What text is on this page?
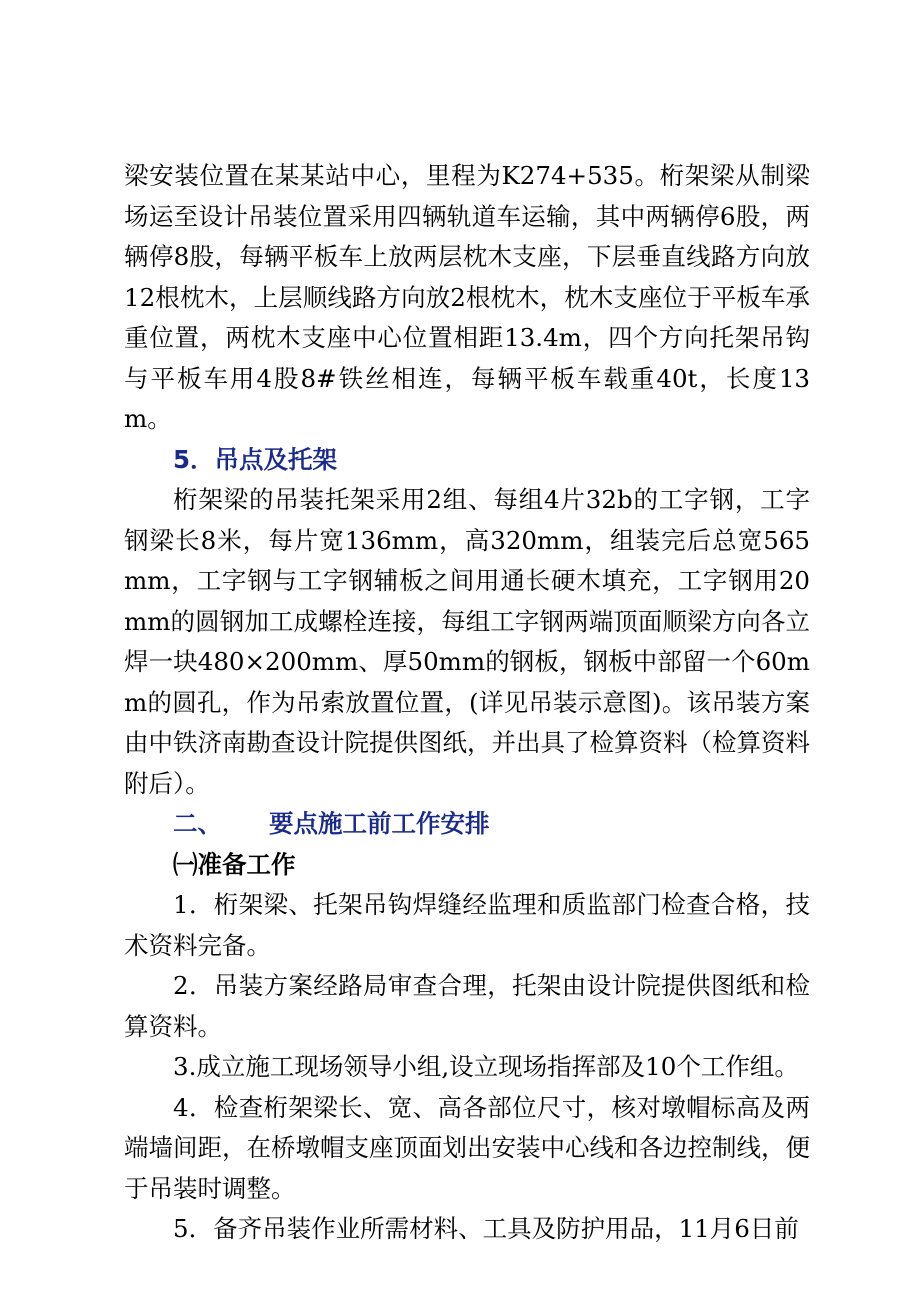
梁安装位置在某某站中心，里程为K274+535。桁架梁从制梁场运至设计吊装位置采用四辆轨道车运输，其中两辆停6股，两辆停8股，每辆平板车上放两层枕木支座，下层垂直线路方向放12根枕木，上层顺线路方向放2根枕木，枕木支座位于平板车承重位置，两枕木支座中心位置相距13.4m，四个方向托架吊钩与平板车用4股8#铁丝相连，每辆平板车载重40t，长度13m。

5．吊点及托架

桁架梁的吊装托架采用2组、每组4片32b的工字钢，工字钢梁长8米，每片宽136mm，高320mm，组装完后总宽565mm，工字钢与工字钢辅板之间用通长硬木填充，工字钢用20mm的圆钢加工成螺栓连接，每组工字钢两端顶面顺梁方向各立焊一块480×200mm、厚50mm的钢板，钢板中部留一个60mm的圆孔，作为吊索放置位置，(详见吊装示意图)。该吊装方案由中铁济南勘查设计院提供图纸，并出具了检算资料（检算资料附后）。

二、 要点施工前工作安排

㈠准备工作

1．桁架梁、托架吊钩焊缝经监理和质监部门检查合格，技术资料完备。

2．吊装方案经路局审查合理，托架由设计院提供图纸和检算资料。

3.成立施工现场领导小组,设立现场指挥部及10个工作组。

4．检查桁架梁长、宽、高各部位尺寸，核对墩帽标高及两端墙间距，在桥墩帽支座顶面划出安装中心线和各边控制线，便于吊装时调整。

5．备齐吊装作业所需材料、工具及防护用品，11月6日前
